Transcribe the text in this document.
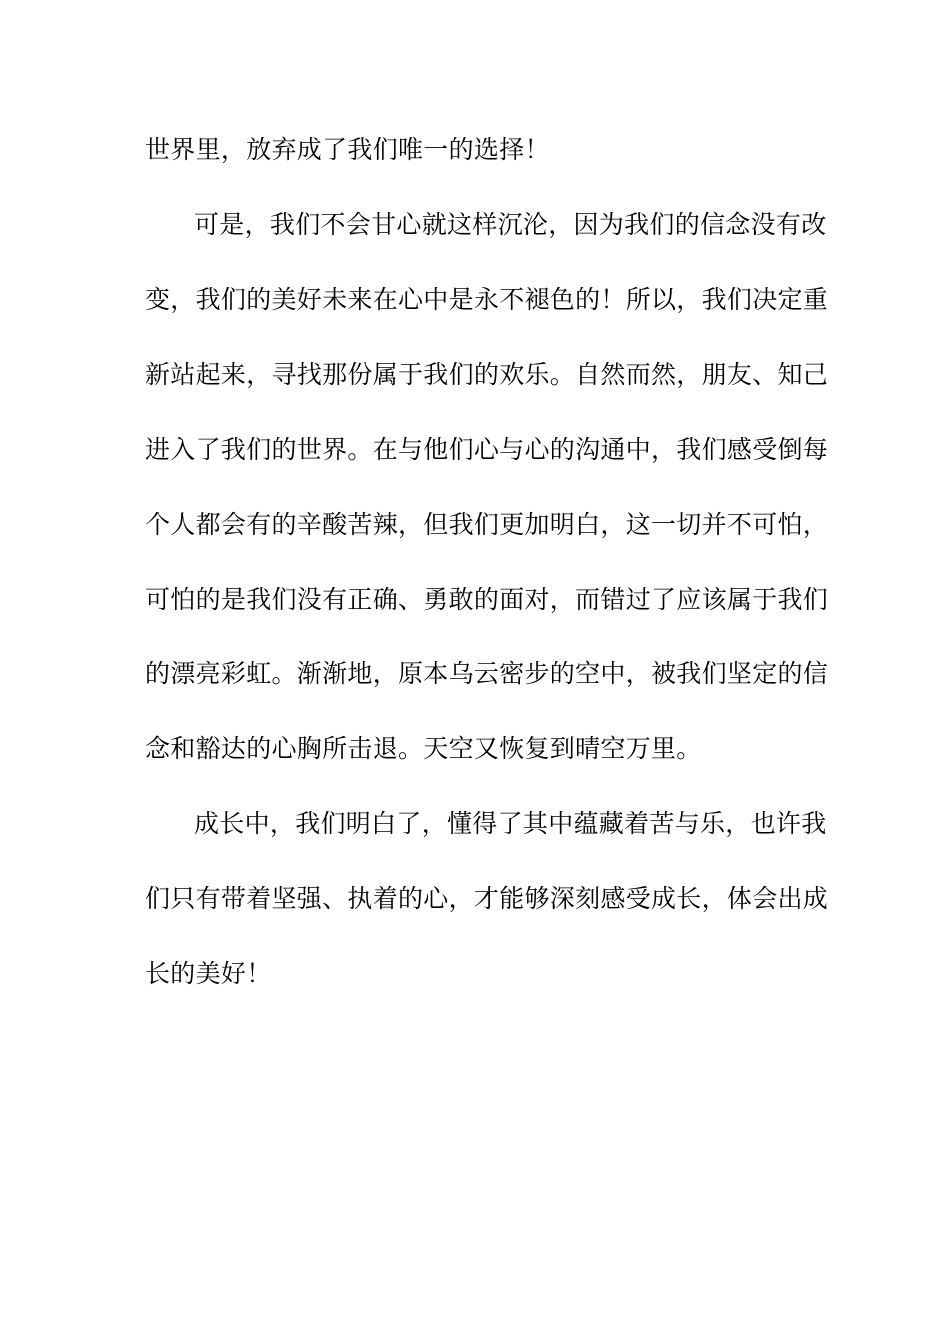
世界里，放弃成了我们唯一的选择！
可是，我们不会甘心就这样沉沦，因为我们的信念没有改
变，我们的美好未来在心中是永不褪色的！所以，我们决定重
新站起来，寻找那份属于我们的欢乐。自然而然，朋友、知己
进入了我们的世界。在与他们心与心的沟通中，我们感受倒每
个人都会有的辛酸苦辣，但我们更加明白，这一切并不可怕，
可怕的是我们没有正确、勇敢的面对，而错过了应该属于我们
的漂亮彩虹。渐渐地，原本乌云密步的空中，被我们坚定的信
念和豁达的心胸所击退。天空又恢复到晴空万里。
成长中，我们明白了，懂得了其中蕴藏着苦与乐，也许我
们只有带着坚强、执着的心，才能够深刻感受成长，体会出成
长的美好！
